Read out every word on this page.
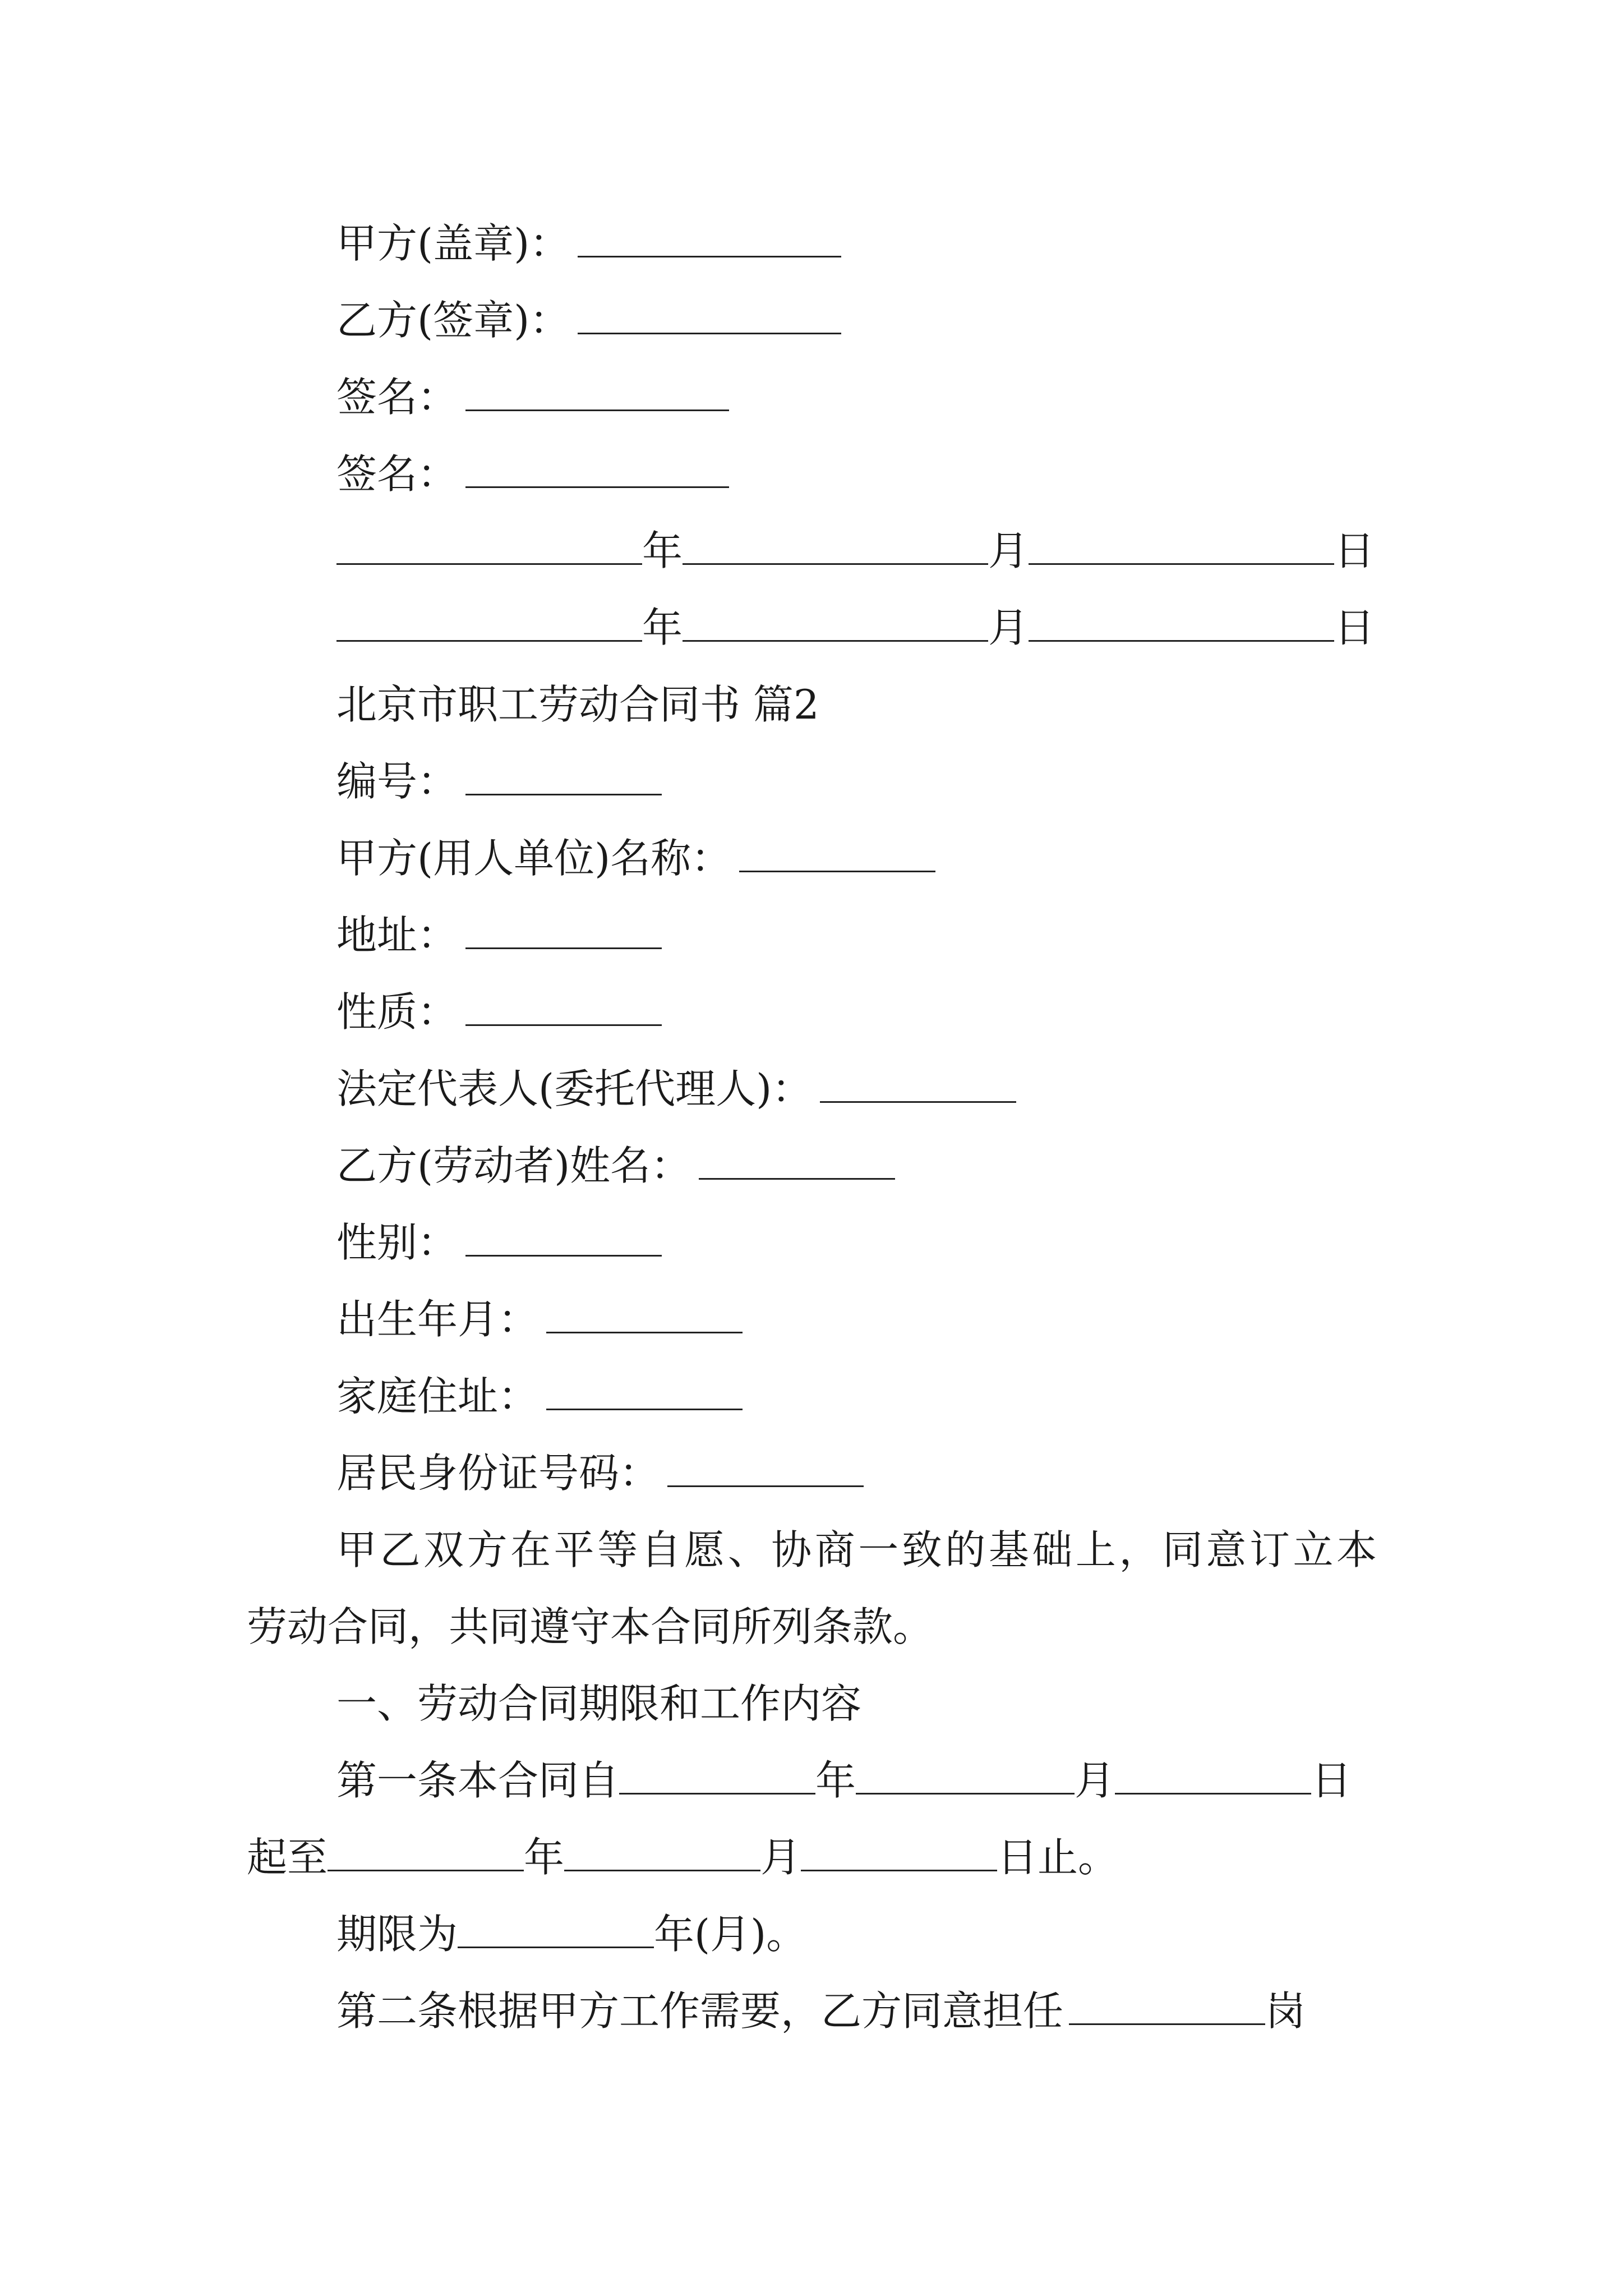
甲方(盖章)：
乙方(签章)：
签名：
签名：
年	月	日
年	月	日
北京市职工劳动合同书 篇2
编号：
甲方(用人单位)名称：
地址：
性质：
法定代表人(委托代理人)：
乙方(劳动者)姓名：
性别：
出生年月：
家庭住址：
居民身份证号码：
甲乙双方在平等自愿、协商一致的基础上，同意订立本
劳动合同，共同遵守本合同所列条款。
一、劳动合同期限和工作内容
第一条本合同自	年	月	日
起至	年	月	日止。
期限为	年(月)。
第二条根据甲方工作需要，乙方同意担任	岗
